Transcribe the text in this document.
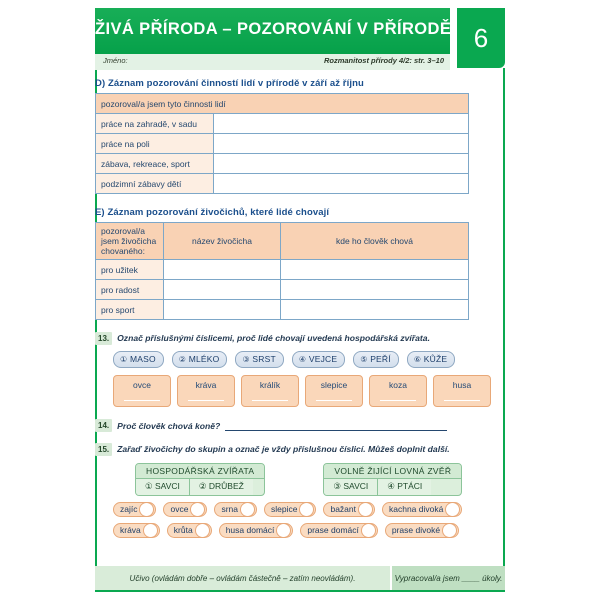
ŽIVÁ PŘÍRODA – POZOROVÁNÍ V PŘÍRODĚ 6
Jméno:	Rozmanitost přírody 4/2: str. 3–10
D) Záznam pozorování činností lidí v přírodě v září až říjnu
pozoroval/a jsem tyto činnosti lidí	
práce na zahradě, v sadu	
práce na poli	
zábava, rekreace, sport	
podzimní zábavy dětí	
E) Záznam pozorování živočichů, které lidé chovají
pozoroval/a jsem živočicha chovaného:	název živočicha	kde ho člověk chová
pro užitek		
pro radost		
pro sport		
13. Označ příslušnými číslicemi, proč lidé chovají uvedená hospodářská zvířata.
① MASO	② MLÉKO	③ SRST	④ VEJCE	⑤ PEŘÍ	⑥ KŮŽE
ovce	kráva	králík	slepice	koza	husa
14. Proč člověk chová koně?
15. Zařaď živočichy do skupin a označ je vždy příslušnou číslicí. Můžeš doplnit další.
HOSPODÁŘSKÁ ZVÍŘATA
① SAVCI	② DRŮBEŽ
VOLNĚ ŽIJÍCÍ LOVNÁ ZVĚŘ
③ SAVCI	④ PTÁCI
zajíc	ovce	srna	slepice	bažant	kachna divoká
kráva	krůta	husa domácí	prase domácí	prase divoké
Učivo (ovládám dobře – ovládám částečně – zatím neovládám).	Vypracoval/a jsem ____ úkoly.
